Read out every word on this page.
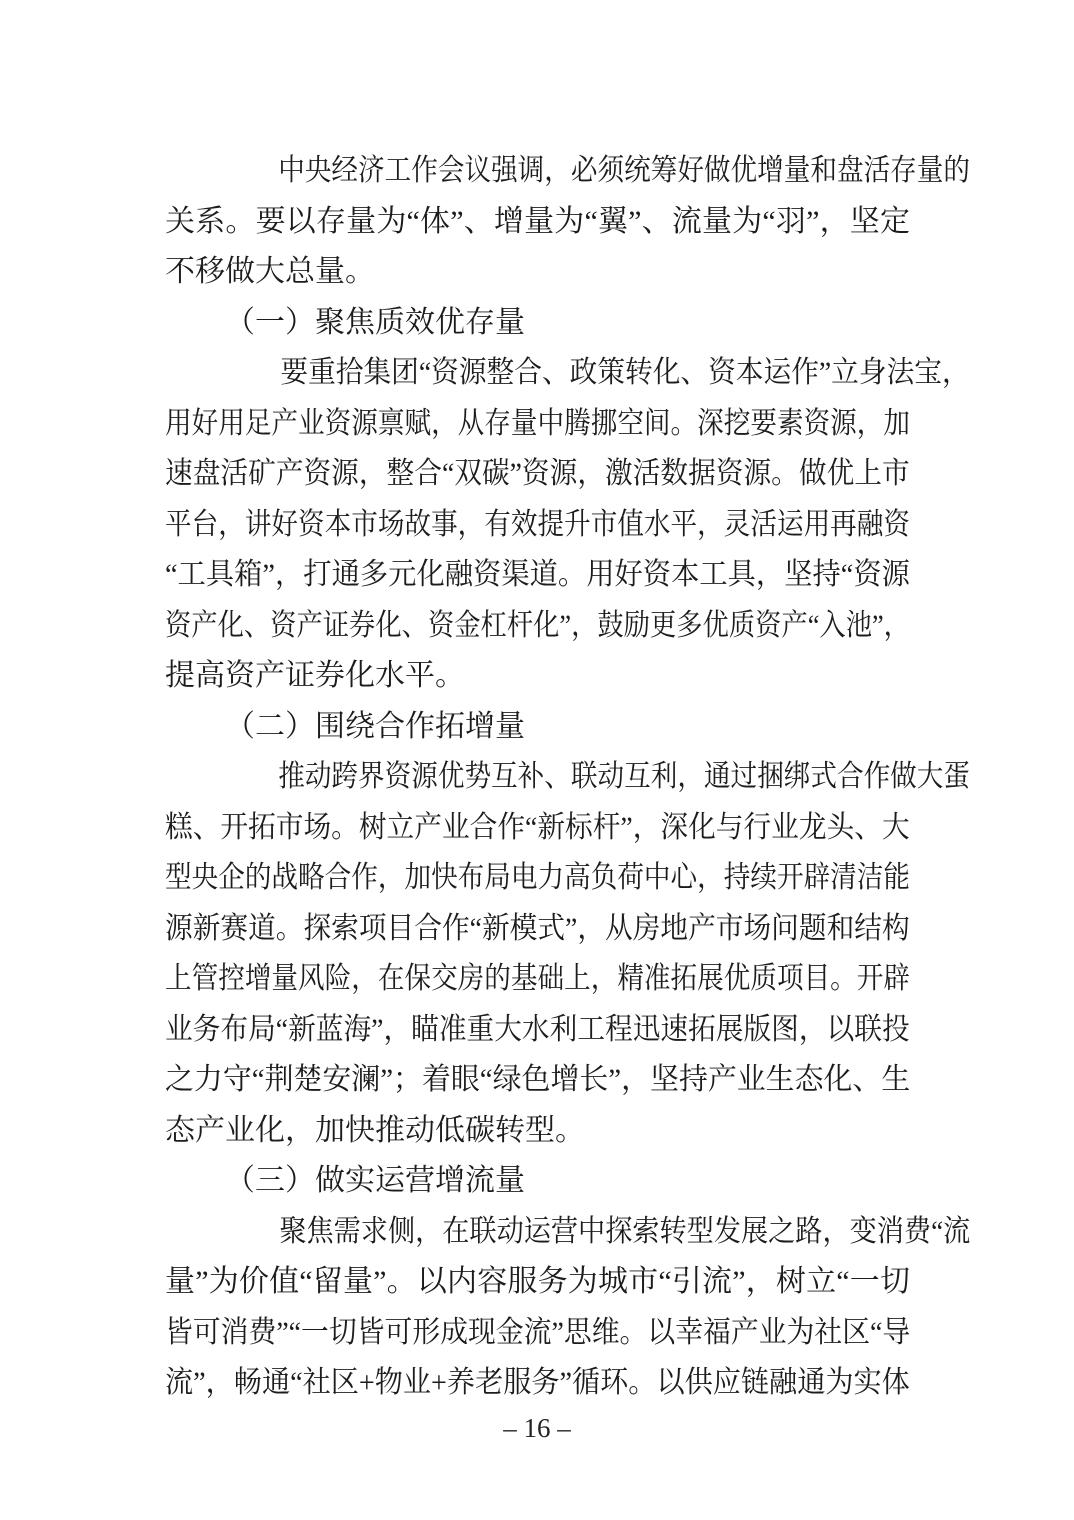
中央经济工作会议强调，必须统筹好做优增量和盘活存量的
关系。要以存量为“体”、增量为“翼”、流量为“羽”，坚定
不移做大总量。
（一）聚焦质效优存量
要重拾集团“资源整合、政策转化、资本运作”立身法宝，
用好用足产业资源禀赋，从存量中腾挪空间。深挖要素资源，加
速盘活矿产资源，整合“双碳”资源，激活数据资源。做优上市
平台，讲好资本市场故事，有效提升市值水平，灵活运用再融资
“工具箱”，打通多元化融资渠道。用好资本工具，坚持“资源
资产化、资产证券化、资金杠杆化”，鼓励更多优质资产“入池”，
提高资产证券化水平。
（二）围绕合作拓增量
推动跨界资源优势互补、联动互利，通过捆绑式合作做大蛋
糕、开拓市场。树立产业合作“新标杆”，深化与行业龙头、大
型央企的战略合作，加快布局电力高负荷中心，持续开辟清洁能
源新赛道。探索项目合作“新模式”，从房地产市场问题和结构
上管控增量风险，在保交房的基础上，精准拓展优质项目。开辟
业务布局“新蓝海”，瞄准重大水利工程迅速拓展版图，以联投
之力守“荆楚安澜”；着眼“绿色增长”，坚持产业生态化、生
态产业化，加快推动低碳转型。
（三）做实运营增流量
聚焦需求侧，在联动运营中探索转型发展之路，变消费“流
量”为价值“留量”。以内容服务为城市“引流”，树立“一切
皆可消费”“一切皆可形成现金流”思维。以幸福产业为社区“导
流”，畅通“社区+物业+养老服务”循环。以供应链融通为实体
– 16 –
